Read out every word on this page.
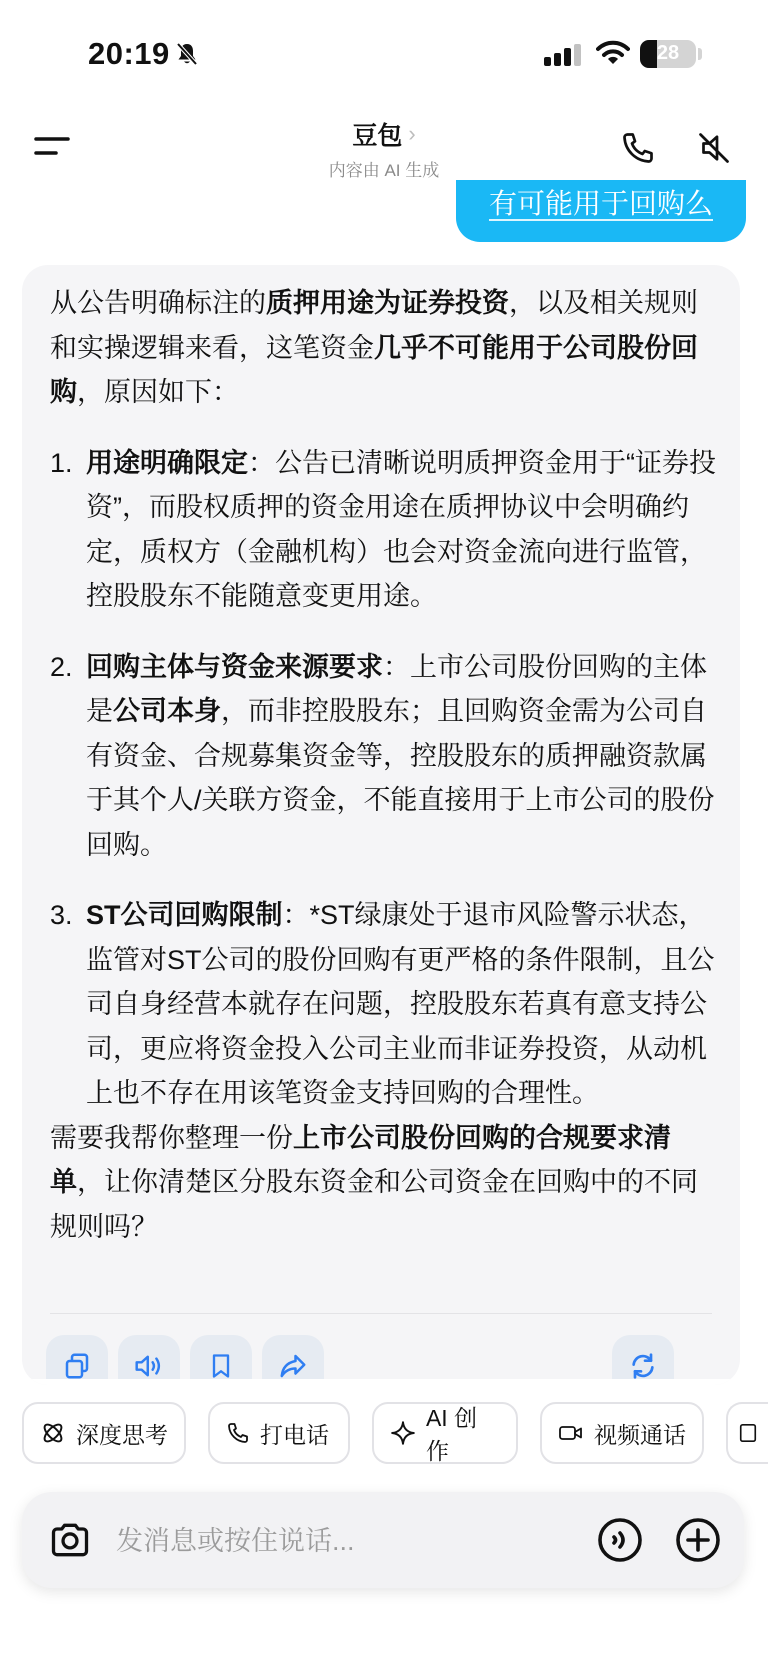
20:19	28
豆包 ›
内容由 AI 生成
有可能用于回购么

从公告明确标注的质押用途为证券投资，以及相关规则和实操逻辑来看，这笔资金几乎不可能用于公司股份回购，原因如下：

1. 用途明确限定：公告已清晰说明质押资金用于“证券投资”，而股权质押的资金用途在质押协议中会明确约定，质权方（金融机构）也会对资金流向进行监管，控股股东不能随意变更用途。
2. 回购主体与资金来源要求：上市公司股份回购的主体是公司本身，而非控股股东；且回购资金需为公司自有资金、合规募集资金等，控股股东的质押融资款属于其个人/关联方资金，不能直接用于上市公司的股份回购。
3. ST公司回购限制：*ST绿康处于退市风险警示状态，监管对ST公司的股份回购有更严格的条件限制，且公司自身经营本就存在问题，控股股东若真有意支持公司，更应将资金投入公司主业而非证券投资，从动机上也不存在用该笔资金支持回购的合理性。

需要我帮你整理一份上市公司股份回购的合规要求清单，让你清楚区分股东资金和公司资金在回购中的不同规则吗？

深度思考	打电话
AI 创作
视频通话
发消息或按住说话...
